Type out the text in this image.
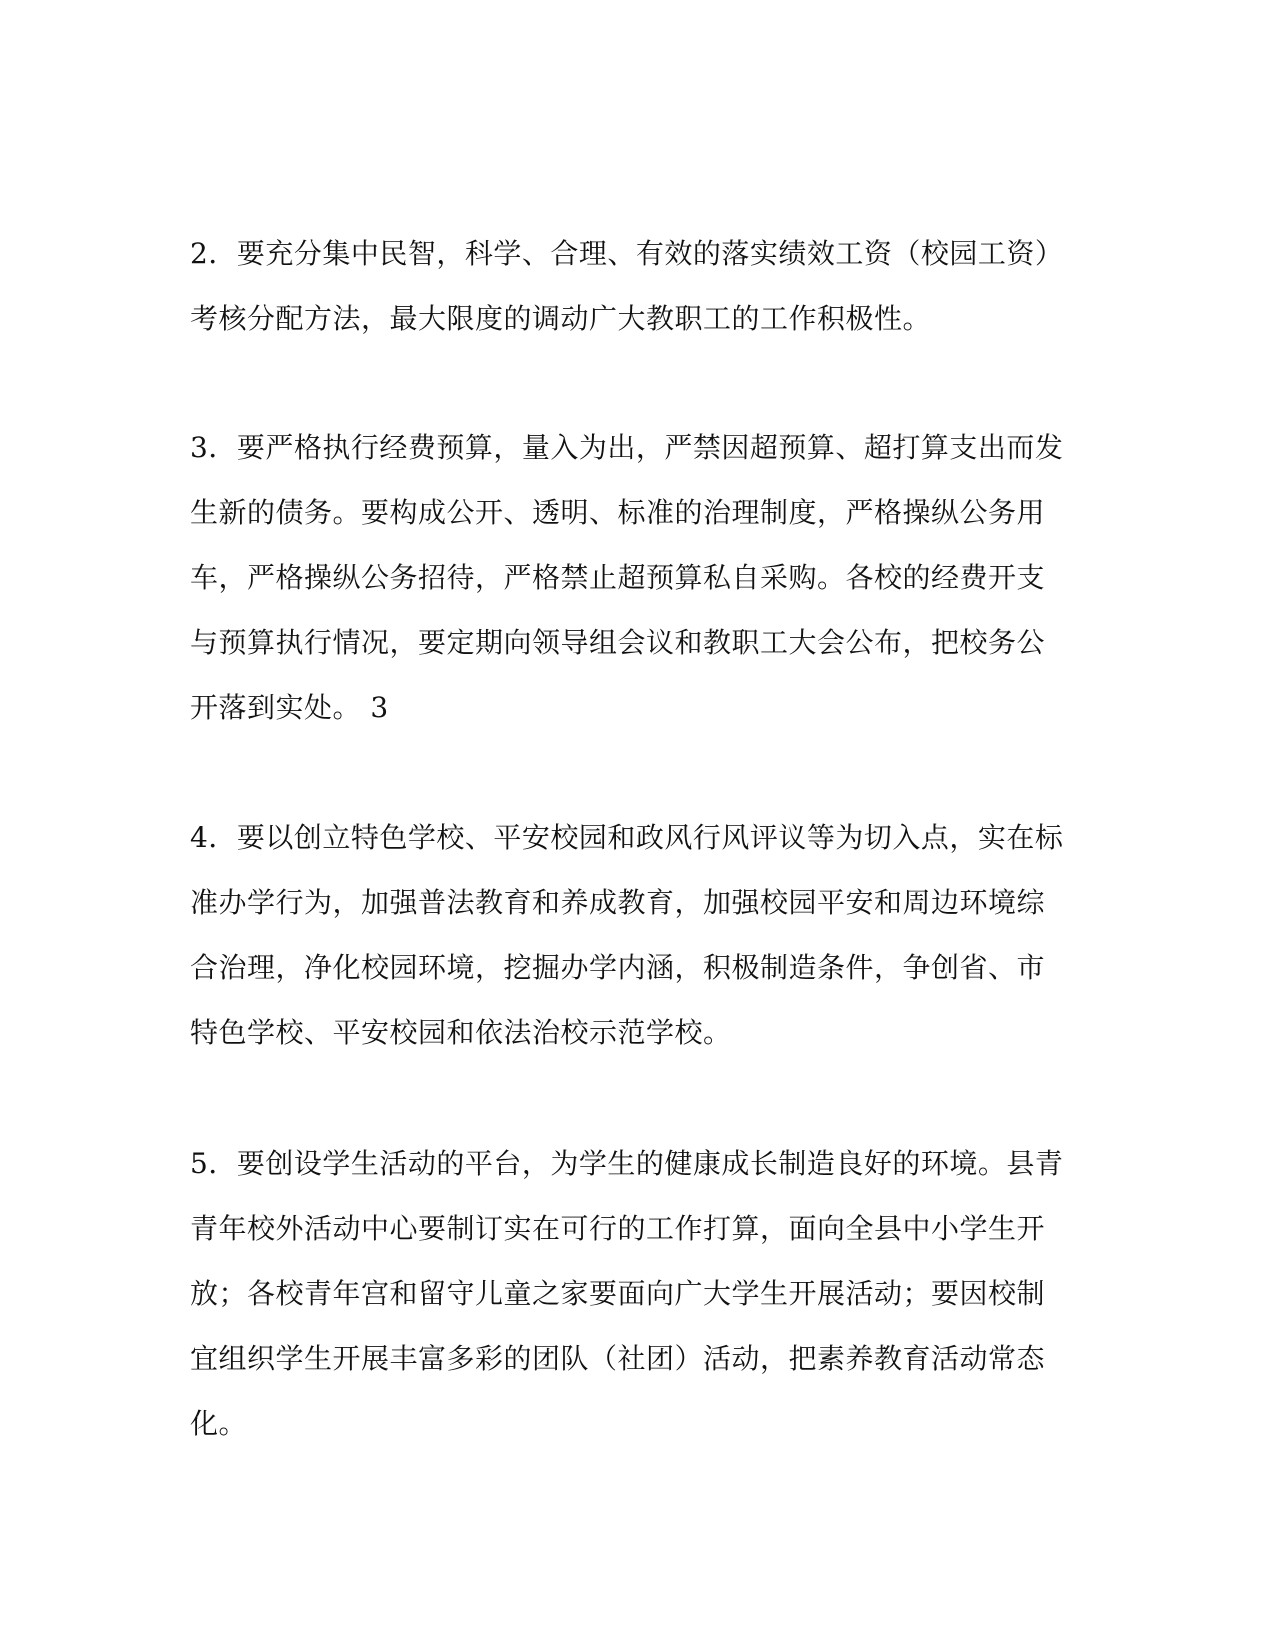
2．要充分集中民智，科学、合理、有效的落实绩效工资（校园工资）
考核分配方法，最大限度的调动广大教职工的工作积极性。
3．要严格执行经费预算，量入为出，严禁因超预算、超打算支出而发
生新的债务。要构成公开、透明、标准的治理制度，严格操纵公务用
车，严格操纵公务招待，严格禁止超预算私自采购。各校的经费开支
与预算执行情况，要定期向领导组会议和教职工大会公布，把校务公
开落到实处。 3
4．要以创立特色学校、平安校园和政风行风评议等为切入点，实在标
准办学行为，加强普法教育和养成教育，加强校园平安和周边环境综
合治理，净化校园环境，挖掘办学内涵，积极制造条件，争创省、市
特色学校、平安校园和依法治校示范学校。
5．要创设学生活动的平台，为学生的健康成长制造良好的环境。县青
青年校外活动中心要制订实在可行的工作打算，面向全县中小学生开
放；各校青年宫和留守儿童之家要面向广大学生开展活动；要因校制
宜组织学生开展丰富多彩的团队（社团）活动，把素养教育活动常态
化。
